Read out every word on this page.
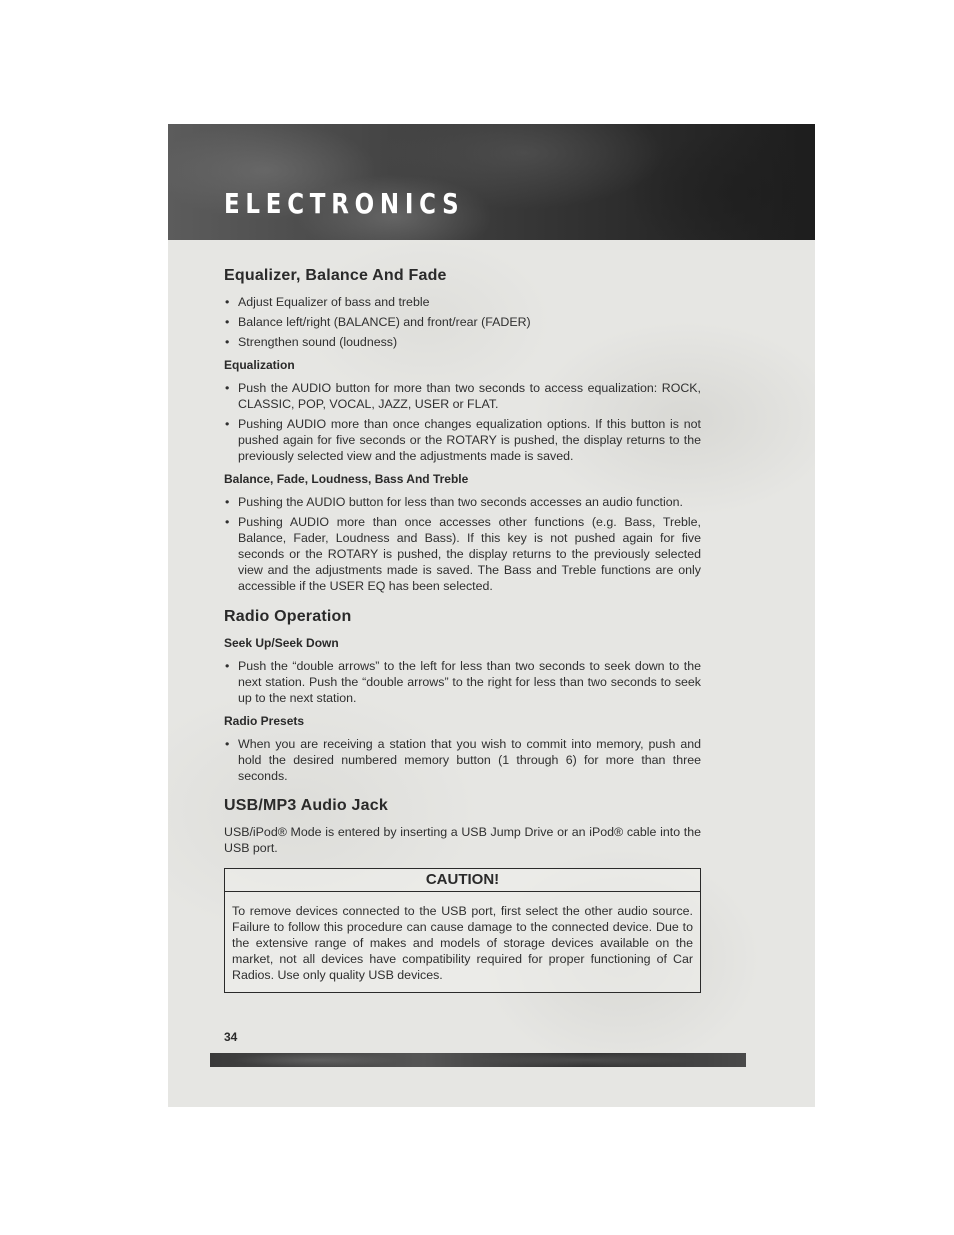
ELECTRONICS
Equalizer, Balance And Fade
• Adjust Equalizer of bass and treble
• Balance left/right (BALANCE) and front/rear (FADER)
• Strengthen sound (loudness)
Equalization
• Push the AUDIO button for more than two seconds to access equalization: ROCK, CLASSIC, POP, VOCAL, JAZZ, USER or FLAT.
• Pushing AUDIO more than once changes equalization options. If this button is not pushed again for five seconds or the ROTARY is pushed, the display returns to the previously selected view and the adjustments made is saved.
Balance, Fade, Loudness, Bass And Treble
• Pushing the AUDIO button for less than two seconds accesses an audio function.
• Pushing AUDIO more than once accesses other functions (e.g. Bass, Treble, Balance, Fader, Loudness and Bass). If this key is not pushed again for five seconds or the ROTARY is pushed, the display returns to the previously selected view and the adjustments made is saved. The Bass and Treble functions are only accessible if the USER EQ has been selected.
Radio Operation
Seek Up/Seek Down
• Push the “double arrows” to the left for less than two seconds to seek down to the next station. Push the “double arrows” to the right for less than two seconds to seek up to the next station.
Radio Presets
• When you are receiving a station that you wish to commit into memory, push and hold the desired numbered memory button (1 through 6) for more than three seconds.
USB/MP3 Audio Jack

USB/iPod® Mode is entered by inserting a USB Jump Drive or an iPod® cable into the USB port.

CAUTION!
To remove devices connected to the USB port, first select the other audio source. Failure to follow this procedure can cause damage to the connected device. Due to the extensive range of makes and models of storage devices available on the market, not all devices have compatibility required for proper functioning of Car Radios. Use only quality USB devices.
34
